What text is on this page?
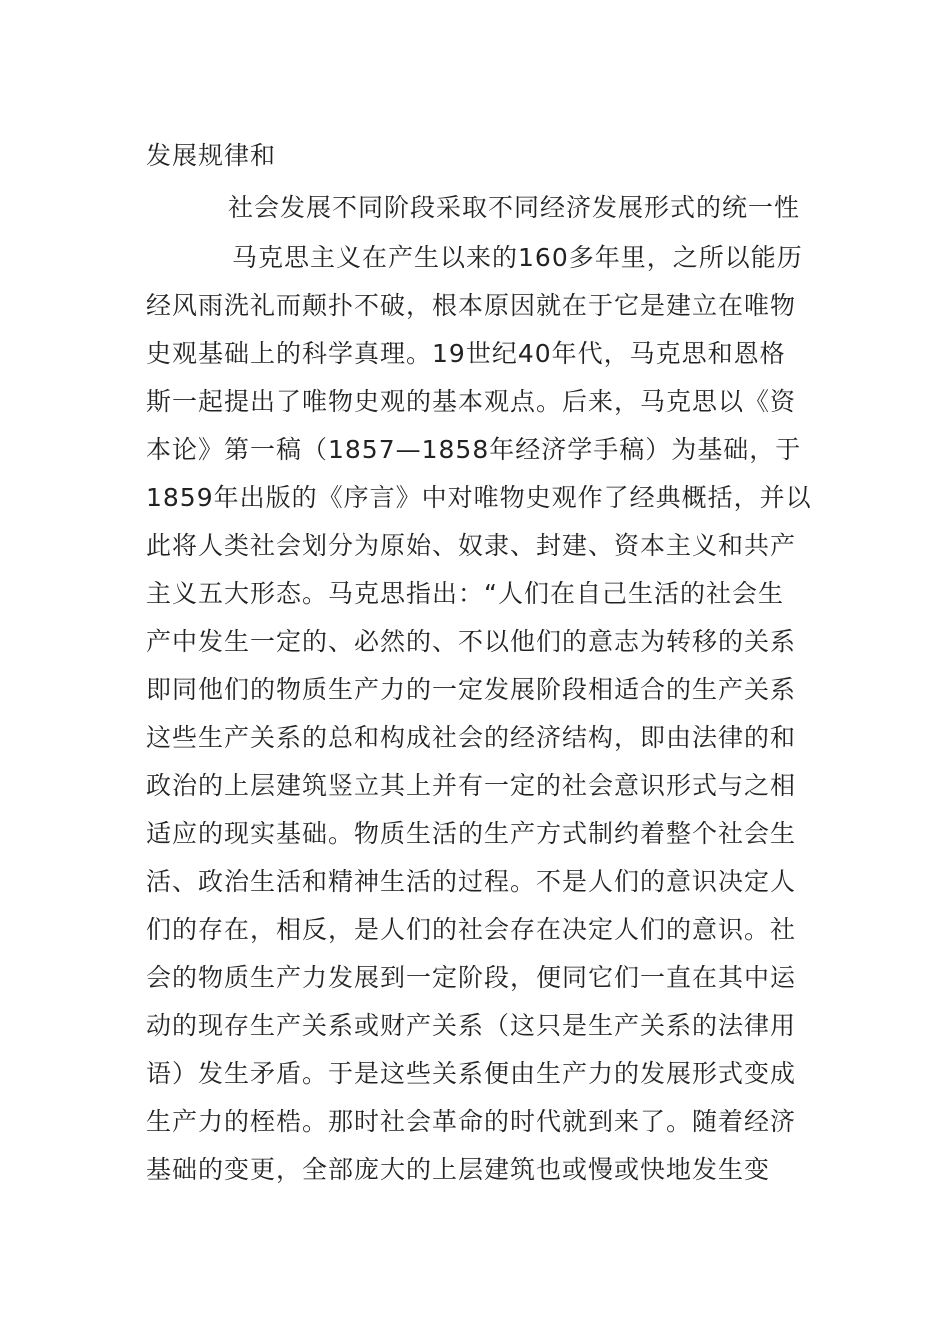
发展规律和
社会发展不同阶段采取不同经济发展形式的统一性
马克思主义在产生以来的160多年里，之所以能历
经风雨洗礼而颠扑不破，根本原因就在于它是建立在唯物
史观基础上的科学真理。19世纪40年代，马克思和恩格
斯一起提出了唯物史观的基本观点。后来，马克思以《资
本论》第一稿（1857—1858年经济学手稿）为基础，于
1859年出版的《序言》中对唯物史观作了经典概括，并以
此将人类社会划分为原始、奴隶、封建、资本主义和共产
主义五大形态。马克思指出：“人们在自己生活的社会生
产中发生一定的、必然的、不以他们的意志为转移的关系
即同他们的物质生产力的一定发展阶段相适合的生产关系
这些生产关系的总和构成社会的经济结构，即由法律的和
政治的上层建筑竖立其上并有一定的社会意识形式与之相
适应的现实基础。物质生活的生产方式制约着整个社会生
活、政治生活和精神生活的过程。不是人们的意识决定人
们的存在，相反，是人们的社会存在决定人们的意识。社
会的物质生产力发展到一定阶段，便同它们一直在其中运
动的现存生产关系或财产关系（这只是生产关系的法律用
语）发生矛盾。于是这些关系便由生产力的发展形式变成
生产力的桎梏。那时社会革命的时代就到来了。随着经济
基础的变更，全部庞大的上层建筑也或慢或快地发生变
